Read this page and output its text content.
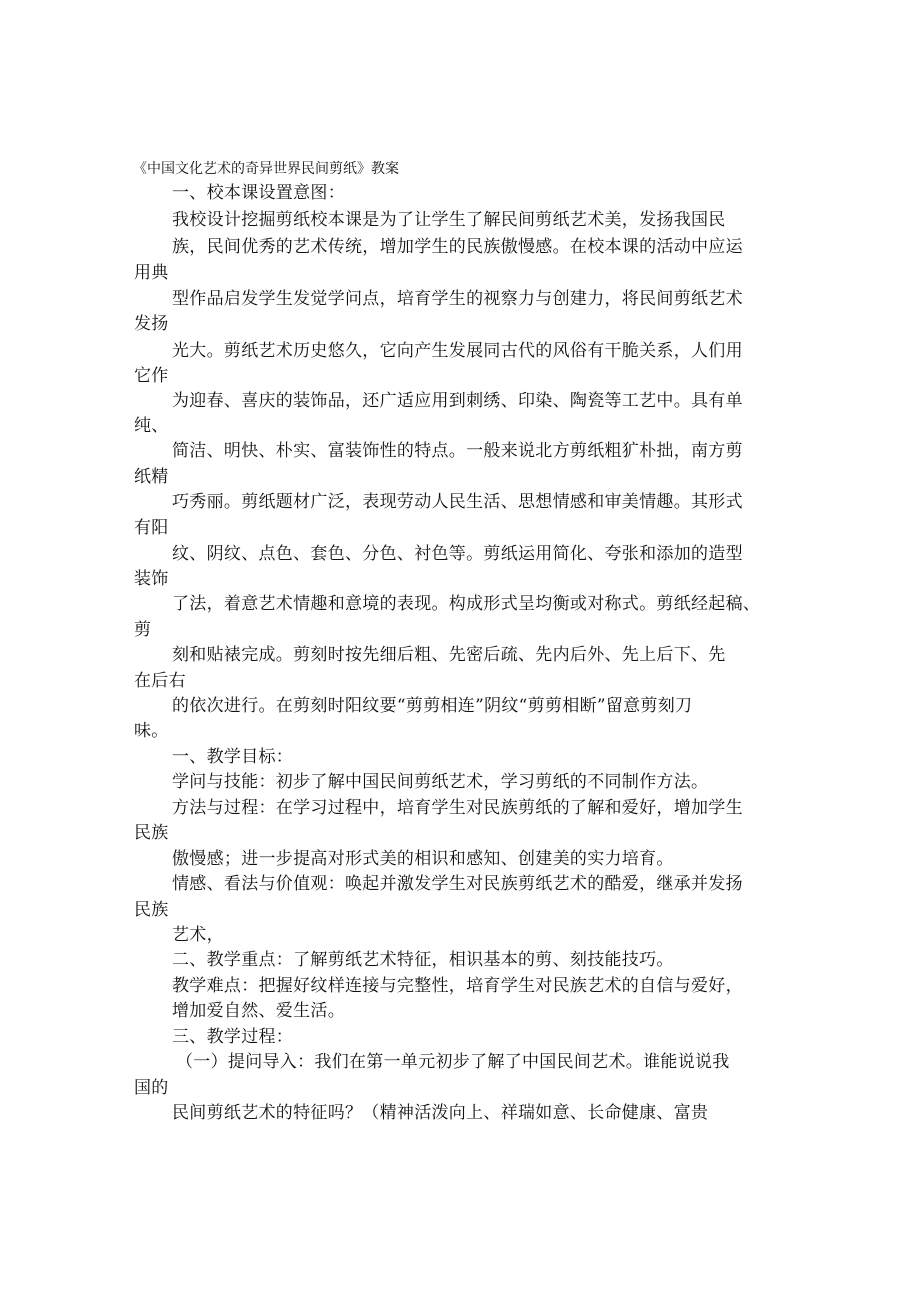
《中国文化艺术的奇异世界民间剪纸》教案
一、校本课设置意图：
我校设计挖掘剪纸校本课是为了让学生了解民间剪纸艺术美，发扬我国民
族，民间优秀的艺术传统，增加学生的民族傲慢感。在校本课的活动中应运
用典
型作品启发学生发觉学问点，培育学生的视察力与创建力，将民间剪纸艺术
发扬
光大。剪纸艺术历史悠久，它向产生发展同古代的风俗有干脆关系，人们用
它作
为迎春、喜庆的装饰品，还广适应用到刺绣、印染、陶瓷等工艺中。具有单
纯、
简洁、明快、朴实、富装饰性的特点。一般来说北方剪纸粗犷朴拙，南方剪
纸精
巧秀丽。剪纸题材广泛，表现劳动人民生活、思想情感和审美情趣。其形式
有阳
纹、阴纹、点色、套色、分色、衬色等。剪纸运用简化、夸张和添加的造型
装饰
了法，着意艺术情趣和意境的表现。构成形式呈均衡或对称式。剪纸经起稿、
剪
刻和贴裱完成。剪刻时按先细后粗、先密后疏、先内后外、先上后下、先
在后右
的依次进行。在剪刻时阳纹要“剪剪相连”阴纹“剪剪相断”留意剪刻刀
味。
一、教学目标：
学问与技能：初步了解中国民间剪纸艺术，学习剪纸的不同制作方法。
方法与过程：在学习过程中，培育学生对民族剪纸的了解和爱好，增加学生
民族
傲慢感；进一步提高对形式美的相识和感知、创建美的实力培育。
情感、看法与价值观：唤起并激发学生对民族剪纸艺术的酷爱，继承并发扬
民族
艺术，
二、教学重点：了解剪纸艺术特征，相识基本的剪、刻技能技巧。
教学难点：把握好纹样连接与完整性，培育学生对民族艺术的自信与爱好，
增加爱自然、爱生活。
三、教学过程：
（一）提问导入：我们在第一单元初步了解了中国民间艺术。谁能说说我
国的
民间剪纸艺术的特征吗？（精神活泼向上、祥瑞如意、长命健康、富贵
